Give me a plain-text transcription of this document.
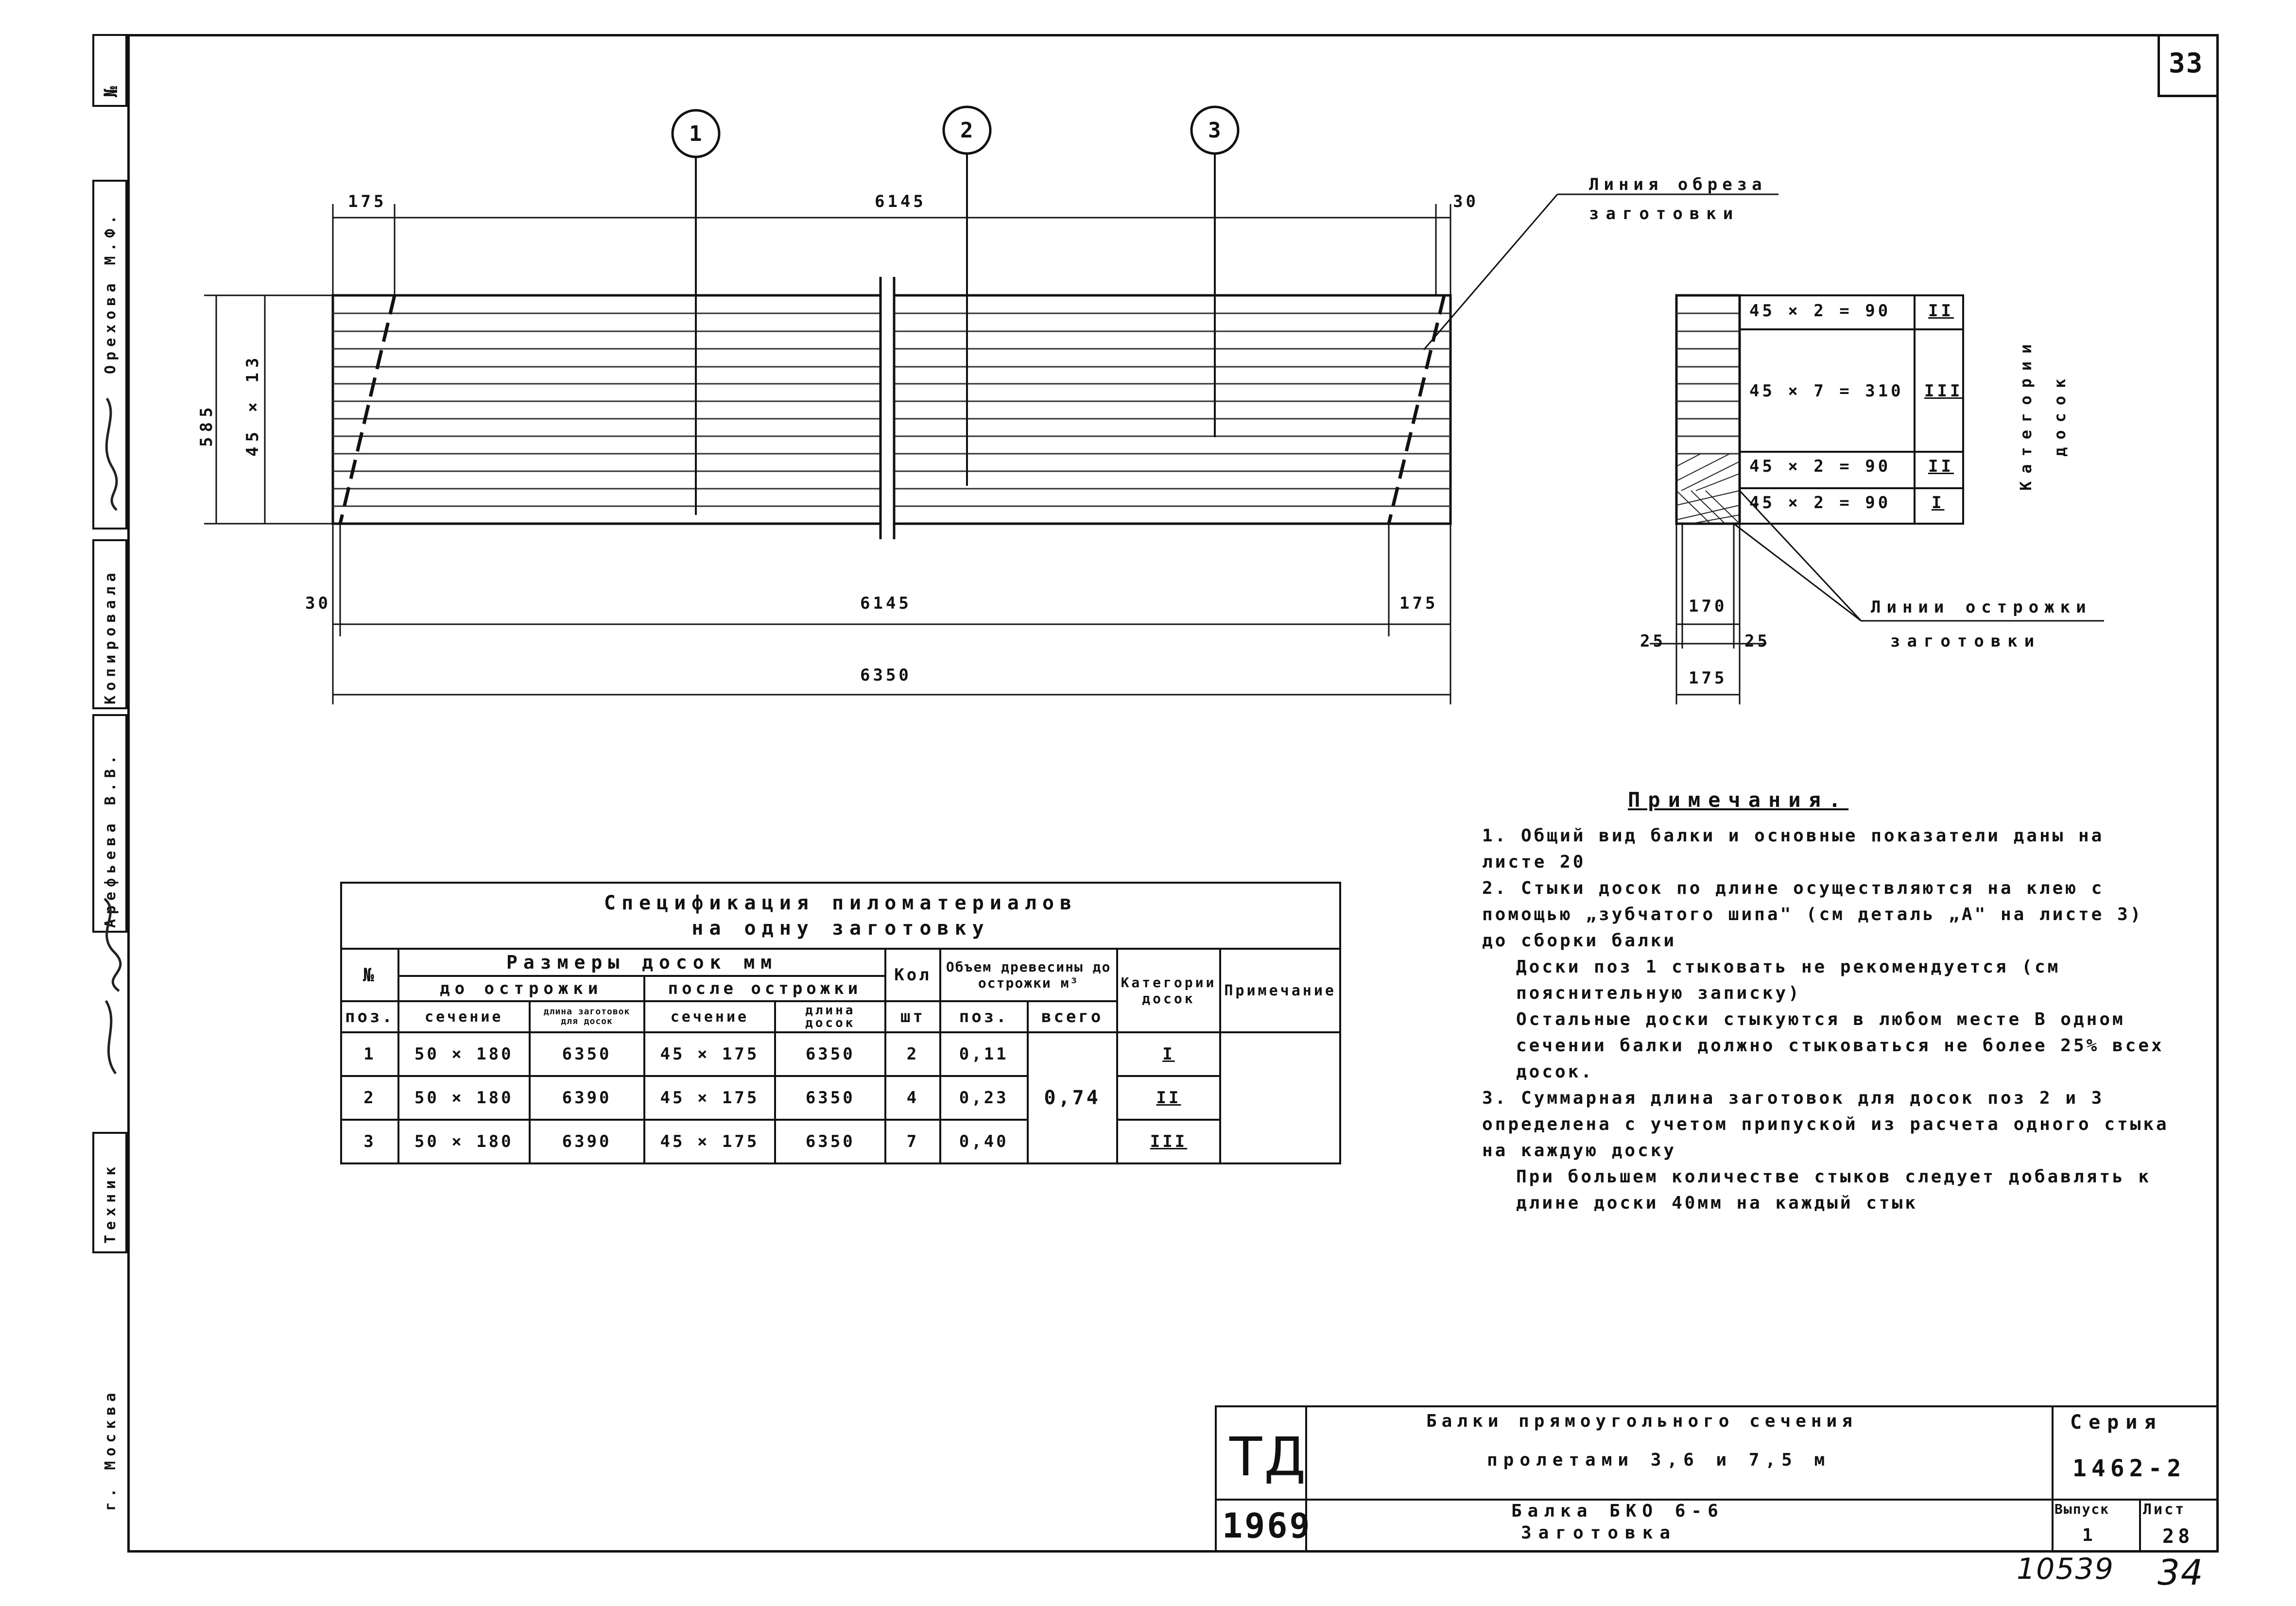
33
№
Орехова М.Ф.
Копировала
Арефьева В.В.
Техник
г. Москва
1	2	3
175	6145	30
30	6145	175
6350
585 45 × 13
Линия обреза
заготовки
45 × 2 = 90 II
45 × 7 = 310 III
45 × 2 = 90 II
45 × 2 = 90 I
170
25	25
175
Линии острожки
заготовки
Категории досок
Спецификация пиломатериалов
на одну заготовку									

№	Размеры досок мм				Кол	Объем древесины до острожки м³		Категории досок	Примечание
	до острожки		после острожки						
поз.	сечение	длина заготовок для досок	сечение	длина досок	шт	поз.	всего		
1	50 × 180	6350	45 × 175	6350	2	0,11	0,74	I	
2	50 × 180	6390	45 × 175	6350	4	0,23		II	
3	50 × 180	6390	45 × 175	6350	7	0,40		III	
Примечания.

1. Общий вид балки и основные показатели даны на листе 20

2. Стыки досок по длине осуществляются на клею с помощью „зубчатого шипа" (см деталь „А" на листе 3) до сборки балки

Доски поз 1 стыковать не рекомендуется (см пояснительную записку)

Остальные доски стыкуются в любом месте В одном сечении балки должно стыковаться не более 25% всех досок.

3. Суммарная длина заготовок для досок поз 2 и 3 определена с учетом припуской из расчета одного стыка на каждую доску

При большем количестве стыков следует добавлять к длине доски 40мм на каждый стык

ТД
1969
Балки прямоугольного сечения
пролетами 3,6 и 7,5 м
Балка БКО 6-6
Заготовка
Серия
1462-2
Выпуск
1
Лист
28
10539 34
